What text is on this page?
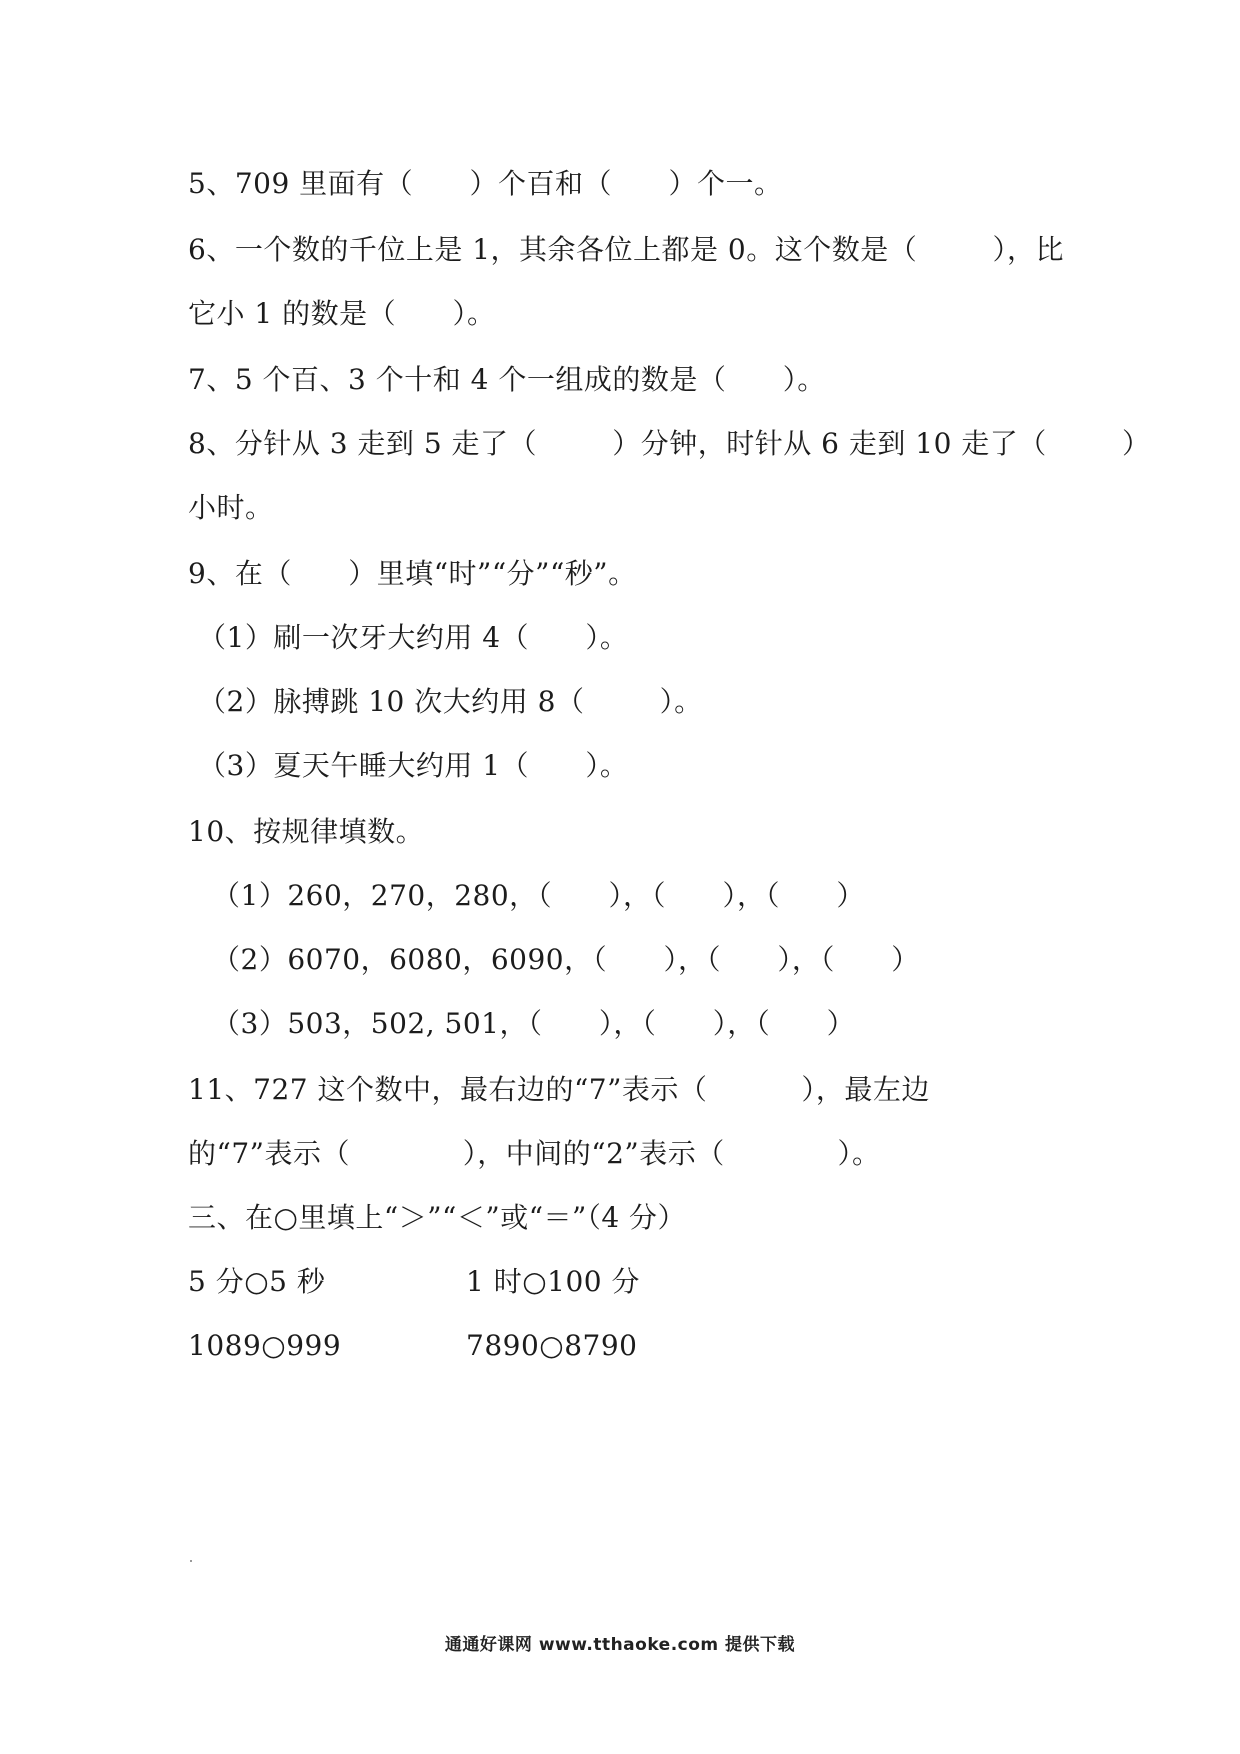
5、709 里面有（      ）个百和（      ）个一。
6、一个数的千位上是 1，其余各位上都是 0。这个数是（        ），比
它小 1 的数是（      ）。
7、5 个百、3 个十和 4 个一组成的数是（      ）。
8、分针从 3 走到 5 走了（        ）分钟，时针从 6 走到 10 走了（        ）
小时。
9、在（      ）里填“时”“分”“秒”。
（1）刷一次牙大约用 4（      ）。
（2）脉搏跳 10 次大约用 8（        ）。
（3）夏天午睡大约用 1（      ）。
10、按规律填数。
（1）260，270，280，（      ），（      ），（      ）
（2）6070，6080，6090，（      ），（      ），（      ）
（3）503，502, 501，（      ），（      ），（      ）
11、727 这个数中，最右边的“7”表示（          ），最左边
的“7”表示（            ），中间的“2”表示（            ）。
三、在○里填上“＞”“＜”或“＝”（4 分）
5 分○5 秒	1 时○100 分
1089○999	7890○8790
通通好课网 www.tthaoke.com 提供下载
